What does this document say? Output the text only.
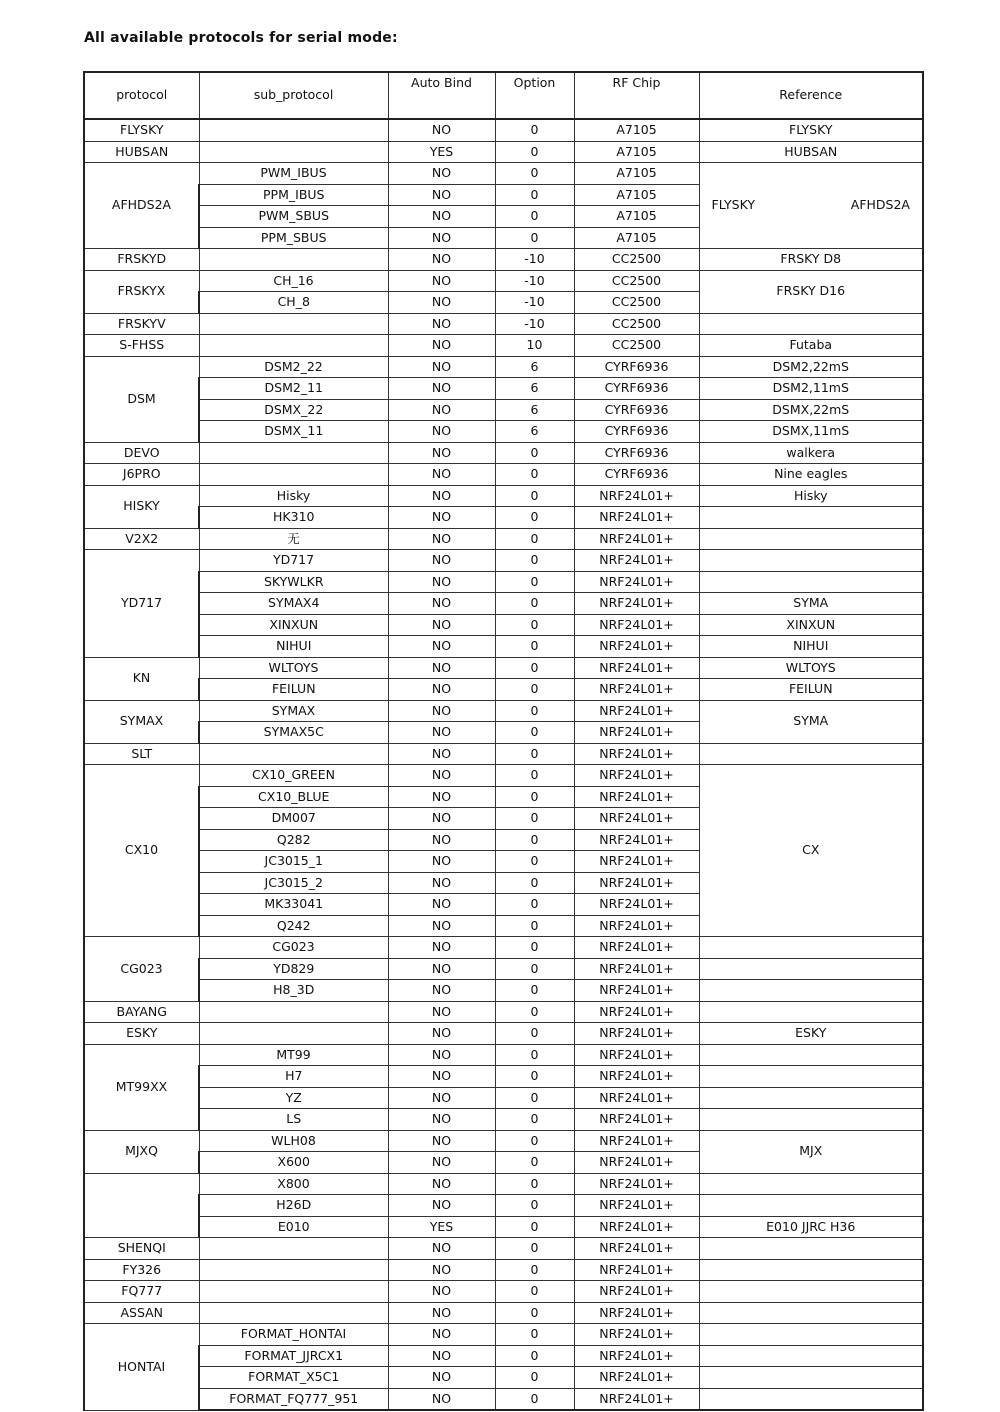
All available protocols for serial mode:
protocol	sub_protocol	Auto Bind	Option	RF Chip	Reference
FLYSKY		NO	0	A7105	FLYSKY
HUBSAN		YES	0	A7105	HUBSAN
AFHDS2A	PWM_IBUS	NO	0	A7105	FLYSKY AFHDS2A

	PPM_IBUS	NO	0	A7105	
	PWM_SBUS	NO	0	A7105	
	PPM_SBUS	NO	0	A7105	
FRSKYD		NO	-10	CC2500	FRSKY D8
FRSKYX	CH_16	NO	-10	CC2500	FRSKY D16
	CH_8	NO	-10	CC2500	
FRSKYV		NO	-10	CC2500	
S-FHSS		NO	10	CC2500	Futaba
DSM	DSM2_22	NO	6	CYRF6936	DSM2,22mS
	DSM2_11	NO	6	CYRF6936	DSM2,11mS
	DSMX_22	NO	6	CYRF6936	DSMX,22mS
	DSMX_11	NO	6	CYRF6936	DSMX,11mS
DEVO		NO	0	CYRF6936	walkera
J6PRO		NO	0	CYRF6936	Nine eagles
HISKY	Hisky	NO	0	NRF24L01+	Hisky
	HK310	NO	0	NRF24L01+	
V2X2	无	NO	0	NRF24L01+	
YD717	YD717	NO	0	NRF24L01+	
	SKYWLKR	NO	0	NRF24L01+	
	SYMAX4	NO	0	NRF24L01+	SYMA
	XINXUN	NO	0	NRF24L01+	XINXUN
	NIHUI	NO	0	NRF24L01+	NIHUI
KN	WLTOYS	NO	0	NRF24L01+	WLTOYS
	FEILUN	NO	0	NRF24L01+	FEILUN
SYMAX	SYMAX	NO	0	NRF24L01+	SYMA
	SYMAX5C	NO	0	NRF24L01+	
SLT		NO	0	NRF24L01+	
CX10	CX10_GREEN	NO	0	NRF24L01+	CX
	CX10_BLUE	NO	0	NRF24L01+	
	DM007	NO	0	NRF24L01+	
	Q282	NO	0	NRF24L01+	
	JC3015_1	NO	0	NRF24L01+	
	JC3015_2	NO	0	NRF24L01+	
	MK33041	NO	0	NRF24L01+	
	Q242	NO	0	NRF24L01+	
CG023	CG023	NO	0	NRF24L01+	
	YD829	NO	0	NRF24L01+	
	H8_3D	NO	0	NRF24L01+	
BAYANG		NO	0	NRF24L01+	
ESKY		NO	0	NRF24L01+	ESKY
MT99XX	MT99	NO	0	NRF24L01+	
	H7	NO	0	NRF24L01+	
	YZ	NO	0	NRF24L01+	
	LS	NO	0	NRF24L01+	
MJXQ	WLH08	NO	0	NRF24L01+	MJX
	X600	NO	0	NRF24L01+	
	X800	NO	0	NRF24L01+	
	H26D	NO	0	NRF24L01+	
	E010	YES	0	NRF24L01+	E010 JJRC H36
SHENQI		NO	0	NRF24L01+	
FY326		NO	0	NRF24L01+	
FQ777		NO	0	NRF24L01+	
ASSAN		NO	0	NRF24L01+	
HONTAI	FORMAT_HONTAI	NO	0	NRF24L01+	
	FORMAT_JJRCX1	NO	0	NRF24L01+	
	FORMAT_X5C1	NO	0	NRF24L01+	
	FORMAT_FQ777_951	NO	0	NRF24L01+	
